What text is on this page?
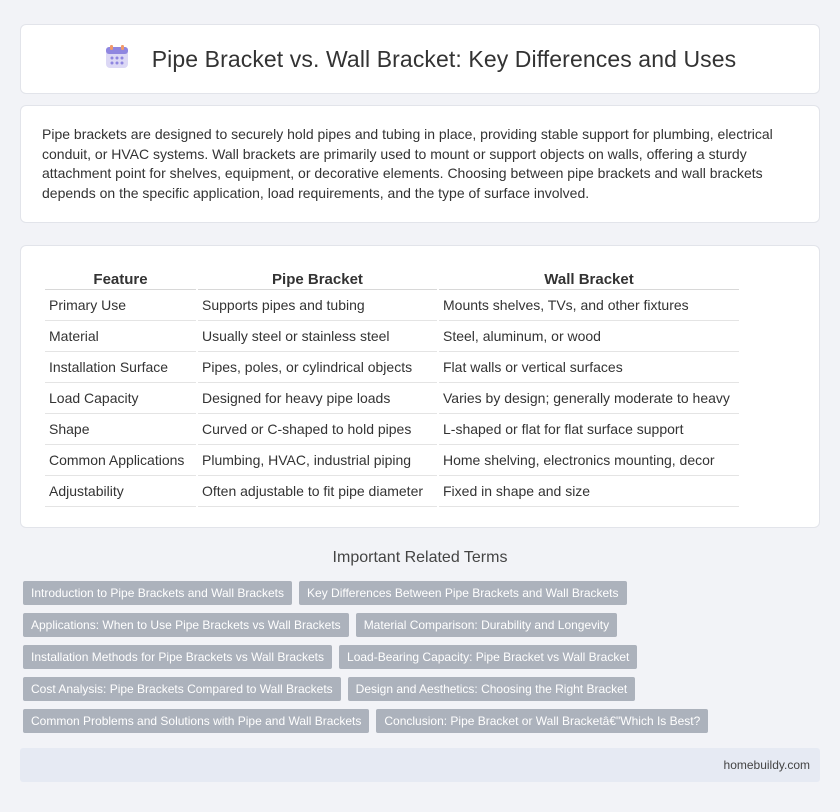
Pipe Bracket vs. Wall Bracket: Key Differences and Uses

Pipe brackets are designed to securely hold pipes and tubing in place, providing stable support for plumbing, electrical conduit, or HVAC systems. Wall brackets are primarily used to mount or support objects on walls, offering a sturdy attachment point for shelves, equipment, or decorative elements. Choosing between pipe brackets and wall brackets depends on the specific application, load requirements, and the type of surface involved.

Feature	Pipe Bracket	Wall Bracket
Primary Use	Supports pipes and tubing	Mounts shelves, TVs, and other fixtures
Material	Usually steel or stainless steel	Steel, aluminum, or wood
Installation Surface	Pipes, poles, or cylindrical objects	Flat walls or vertical surfaces
Load Capacity	Designed for heavy pipe loads	Varies by design; generally moderate to heavy
Shape	Curved or C-shaped to hold pipes	L-shaped or flat for flat surface support
Common Applications	Plumbing, HVAC, industrial piping	Home shelving, electronics mounting, decor
Adjustability	Often adjustable to fit pipe diameter	Fixed in shape and size
Important Related Terms
Introduction to Pipe Brackets and Wall Brackets	Key Differences Between Pipe Brackets and Wall Brackets
Applications: When to Use Pipe Brackets vs Wall Brackets	Material Comparison: Durability and Longevity
Installation Methods for Pipe Brackets vs Wall Brackets	Load-Bearing Capacity: Pipe Bracket vs Wall Bracket
Cost Analysis: Pipe Brackets Compared to Wall Brackets	Design and Aesthetics: Choosing the Right Bracket
Common Problems and Solutions with Pipe and Wall Brackets	Conclusion: Pipe Bracket or Wall Bracketâ€"Which Is Best?
homebuildy.com
